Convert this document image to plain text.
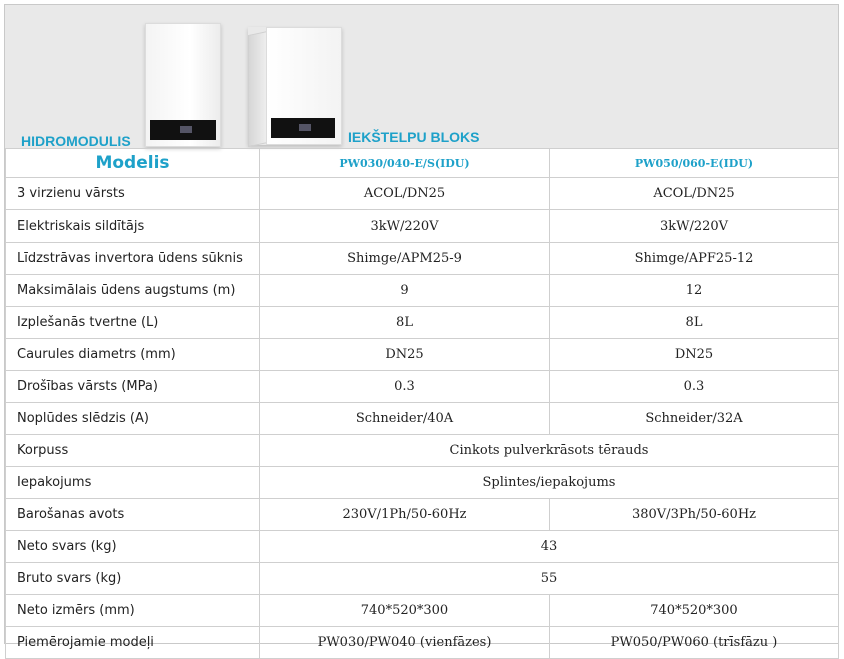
HIDROMODULIS	IEKŠTELPU BLOKS
Modelis	PW030/040-E/S(IDU)	PW050/060-E(IDU)
3 virzienu vārsts	ACOL/DN25	ACOL/DN25
Elektriskais sildītājs	3kW/220V	3kW/220V
Līdzstrāvas invertora ūdens sūknis	Shimge/APM25-9	Shimge/APF25-12
Maksimālais ūdens augstums (m)	9	12
Izplešanās tvertne (L)	8L	8L
Caurules diametrs (mm)	DN25	DN25
Drošības vārsts (MPa)	0.3	0.3
Noplūdes slēdzis (A)	Schneider/40A	Schneider/32A
Korpuss	Cinkots pulverkrāsots tērauds	
Iepakojums	Splintes/iepakojums	
Barošanas avots	230V/1Ph/50-60Hz	380V/3Ph/50-60Hz
Neto svars (kg)	43	
Bruto svars (kg)	55	
Neto izmērs (mm)	740*520*300	740*520*300
Piemērojamie modeļi	PW030/PW040 (vienfāzes)	PW050/PW060 (trīsfāzu )
